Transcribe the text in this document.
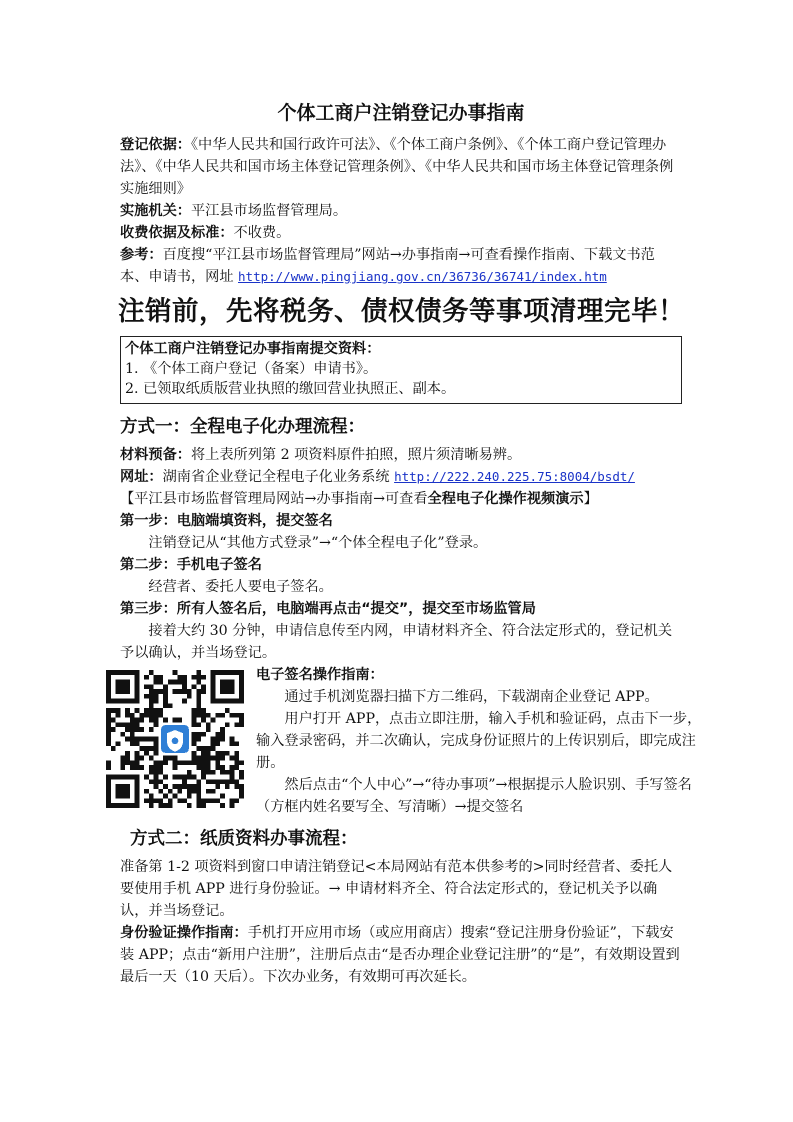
个体工商户注销登记办事指南

登记依据：《中华人民共和国行政许可法》、《个体工商户条例》、《个体工商户登记管理办法》、《中华人民共和国市场主体登记管理条例》、《中华人民共和国市场主体登记管理条例实施细则》

实施机关：平江县市场监督管理局。

收费依据及标准：不收费。

参考：百度搜“平江县市场监督管理局”网站→办事指南→可查看操作指南、下载文书范本、申请书，网址 http://www.pingjiang.gov.cn/36736/36741/index.htm

注销前，先将税务、债权债务等事项清理完毕！

个体工商户注销登记办事指南提交资料：

1. 《个体工商户登记（备案）申请书》。

2. 已领取纸质版营业执照的缴回营业执照正、副本。

方式一：全程电子化办理流程：

材料预备：将上表所列第 2 项资料原件拍照，照片须清晰易辨。

网址：湖南省企业登记全程电子化业务系统 http://222.240.225.75:8004/bsdt/

【平江县市场监督管理局网站→办事指南→可查看全程电子化操作视频演示】

第一步：电脑端填资料，提交签名

注销登记从“其他方式登录”→“个体全程电子化”登录。

第二步：手机电子签名

经营者、委托人要电子签名。

第三步：所有人签名后，电脑端再点击“提交”，提交至市场监管局

接着大约 30 分钟，申请信息传至内网，申请材料齐全、符合法定形式的，登记机关予以确认，并当场登记。

电子签名操作指南：

通过手机浏览器扫描下方二维码，下载湖南企业登记 APP。

用户打开 APP，点击立即注册，输入手机和验证码，点击下一步，输入登录密码，并二次确认，完成身份证照片的上传识别后，即完成注册。

然后点击“个人中心”→“待办事项”→根据提示人脸识别、手写签名（方框内姓名要写全、写清晰）→提交签名

方式二：纸质资料办事流程：

准备第 1-2 项资料到窗口申请注销登记<本局网站有范本供参考的>同时经营者、委托人要使用手机 APP 进行身份验证。→ 申请材料齐全、符合法定形式的，登记机关予以确认，并当场登记。

身份验证操作指南：手机打开应用市场（或应用商店）搜索“登记注册身份验证”，下载安装 APP；点击“新用户注册”，注册后点击“是否办理企业登记注册”的“是”，有效期设置到最后一天（10 天后）。下次办业务，有效期可再次延长。
